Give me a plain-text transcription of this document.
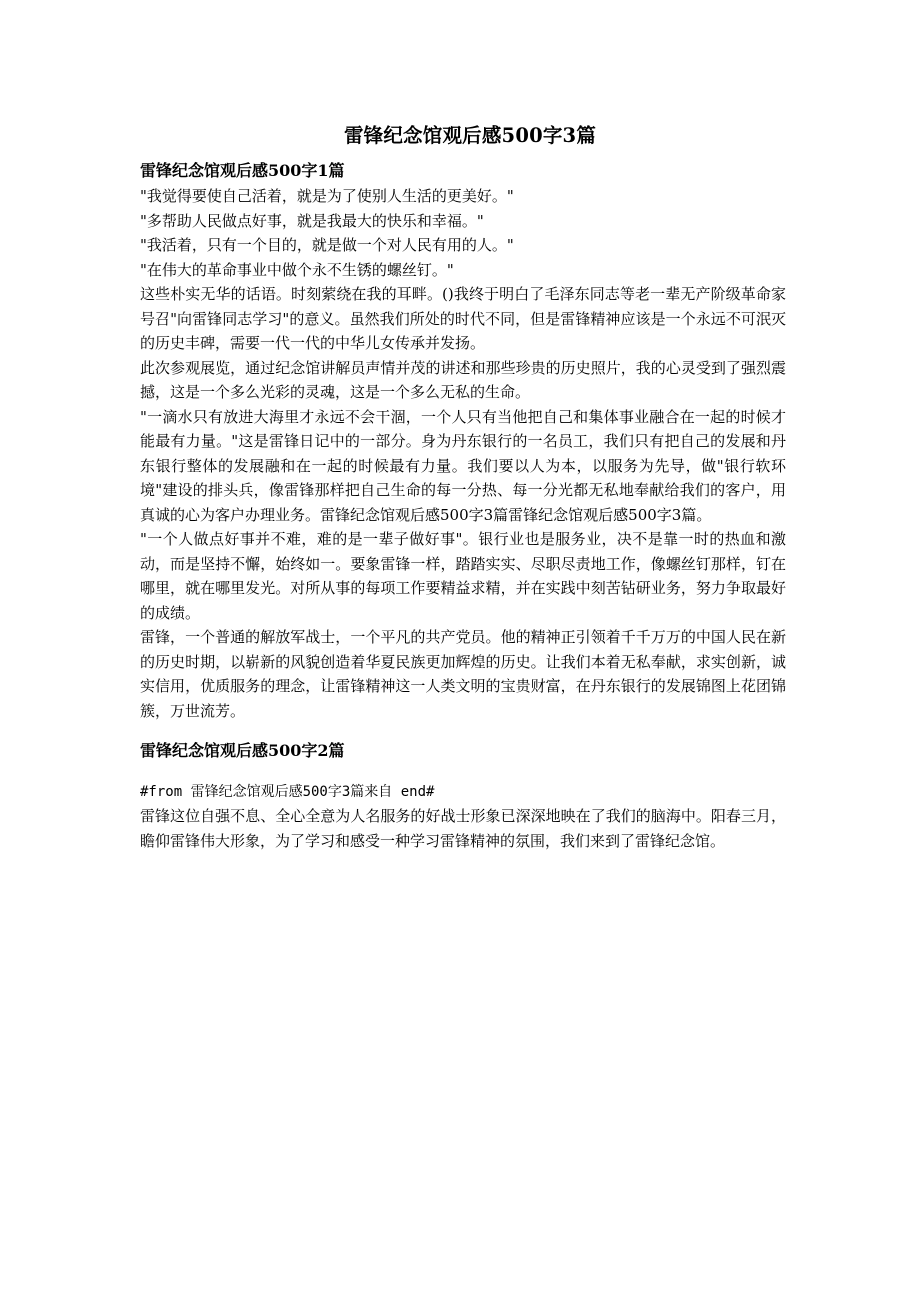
雷锋纪念馆观后感500字3篇
雷锋纪念馆观后感500字1篇

"我觉得要使自己活着，就是为了使别人生活的更美好。"

"多帮助人民做点好事，就是我最大的快乐和幸福。"

"我活着，只有一个目的，就是做一个对人民有用的人。"

"在伟大的革命事业中做个永不生锈的螺丝钉。"

这些朴实无华的话语。时刻萦绕在我的耳畔。()我终于明白了毛泽东同志等老一辈无产阶级革命家号召"向雷锋同志学习"的意义。虽然我们所处的时代不同，但是雷锋精神应该是一个永远不可泯灭的历史丰碑，需要一代一代的中华儿女传承并发扬。

此次参观展览，通过纪念馆讲解员声情并茂的讲述和那些珍贵的历史照片，我的心灵受到了强烈震撼，这是一个多么光彩的灵魂，这是一个多么无私的生命。

"一滴水只有放进大海里才永远不会干涸，一个人只有当他把自己和集体事业融合在一起的时候才能最有力量。"这是雷锋日记中的一部分。身为丹东银行的一名员工，我们只有把自己的发展和丹东银行整体的发展融和在一起的时候最有力量。我们要以人为本，以服务为先导，做"银行软环境"建设的排头兵，像雷锋那样把自己生命的每一分热、每一分光都无私地奉献给我们的客户，用真诚的心为客户办理业务。雷锋纪念馆观后感500字3篇雷锋纪念馆观后感500字3篇。

"一个人做点好事并不难，难的是一辈子做好事"。银行业也是服务业，决不是靠一时的热血和激动，而是坚持不懈，始终如一。要象雷锋一样，踏踏实实、尽职尽责地工作，像螺丝钉那样，钉在哪里，就在哪里发光。对所从事的每项工作要精益求精，并在实践中刻苦钻研业务，努力争取最好的成绩。

雷锋，一个普通的解放军战士，一个平凡的共产党员。他的精神正引领着千千万万的中国人民在新的历史时期，以崭新的风貌创造着华夏民族更加辉煌的历史。让我们本着无私奉献，求实创新，诚实信用，优质服务的理念，让雷锋精神这一人类文明的宝贵财富，在丹东银行的发展锦图上花团锦簇，万世流芳。

雷锋纪念馆观后感500字2篇

#from 雷锋纪念馆观后感500字3篇来自 end#

雷锋这位自强不息、全心全意为人名服务的好战士形象已深深地映在了我们的脑海中。阳春三月，瞻仰雷锋伟大形象，为了学习和感受一种学习雷锋精神的氛围，我们来到了雷锋纪念馆。
